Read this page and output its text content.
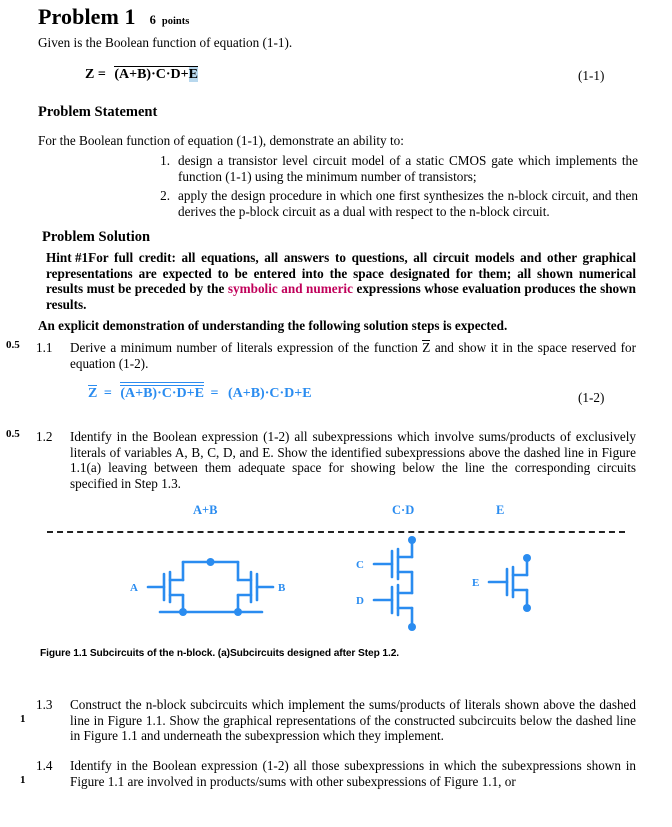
Problem 1 6 points
Given is the Boolean function of equation (1-1).
Z = (A+B)·C·D+E	(1-1)
Problem Statement
For the Boolean function of equation (1-1), demonstrate an ability to:
1. design a transistor level circuit model of a static CMOS gate which implements the function (1-1) using the minimum number of transistors;
2. apply the design procedure in which one first synthesizes the n-block circuit, and then derives the p-block circuit as a dual with respect to the n-block circuit.
Problem Solution
Hint #1 For full credit: all equations, all answers to questions, all circuit models and other graphical representations are expected to be entered into the space designated for them; all shown numerical results must be preceded by the symbolic and numeric expressions whose evaluation produces the shown results.
An explicit demonstration of understanding the following solution steps is expected.
0.5 1.1 Derive a minimum number of literals expression of the function Z and show it in the space reserved for equation (1-2).
Z = (A+B)·C·D+E = (A+B)·C·D+E	(1-2)
0.5 1.2 Identify in the Boolean expression (1-2) all subexpressions which involve sums/products of exclusively literals of variables A, B, C, D, and E. Show the identified subexpressions above the dashed line in Figure 1.1(a) leaving between them adequate space for showing below the line the corresponding circuits specified in Step 1.3.
A+B	C·D	E
A	B
C
D
E
Figure 1.1 Subcircuits of the n-block. (a)Subcircuits designed after Step 1.2.
1.3
1
Construct the n-block subcircuits which implement the sums/products of literals shown above the dashed line in Figure 1.1. Show the graphical representations of the constructed subcircuits below the dashed line in Figure 1.1 and underneath the subexpression which they implement.
1.4
1
Identify in the Boolean expression (1-2) all those subexpressions in which the subexpressions shown in Figure 1.1 are involved in products/sums with other subexpressions of Figure 1.1, or
